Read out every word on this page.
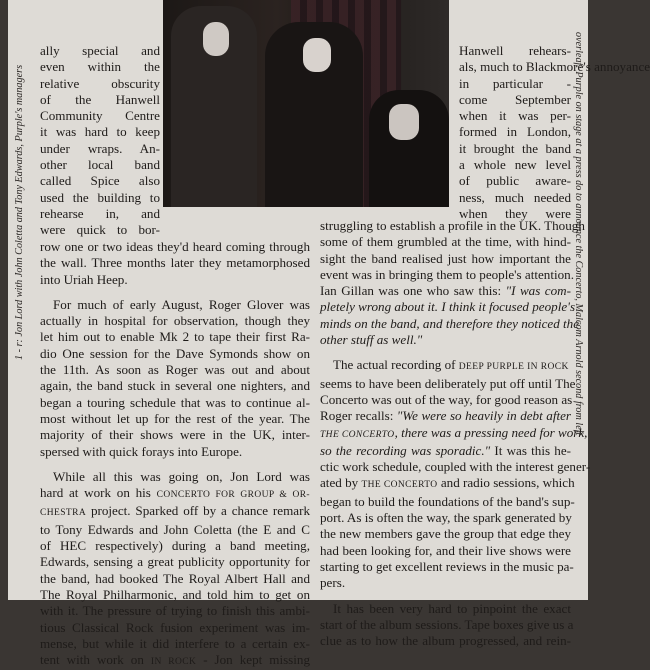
1 - r: Jon Lord with John Coletta and Tony Edwards, Purple's managers	overleaf: Purple on stage at a press do to announce the Concerto, Malcom Arnold second from left
ally special and
even within the
relative obscurity
of the Hanwell
Community Centre
it was hard to keep
under wraps. An-
other local band
called Spice also
used the building to
rehearse in, and
were quick to bor-
row one or two ideas they'd heard coming through
the wall. Three months later they metamorphosed
into Uriah Heep.
For much of early August, Roger Glover was
actually in hospital for observation, though they
let him out to enable Mk 2 to tape their first Ra-
dio One session for the Dave Symonds show on
the 11th. As soon as Roger was out and about
again, the band stuck in several one nighters, and
began a touring schedule that was to continue al-
most without let up for the rest of the year. The
majority of their shows were in the UK, inter-
spersed with quick forays into Europe.
While all this was going on, Jon Lord was
hard at work on his CONCERTO FOR GROUP & OR-
CHESTRA project. Sparked off by a chance remark
to Tony Edwards and John Coletta (the E and C
of HEC respectively) during a band meeting,
Edwards, sensing a great publicity opportunity for
the band, had booked The Royal Albert Hall and
The Royal Philharmonic, and told him to get on
with it. The pressure of trying to finish this ambi-
tious Classical Rock fusion experiment was im-
mense, but while it did interfere to a certain ex-
tent with work on IN ROCK - Jon kept missing
Hanwell rehears-
als, much to Blackmore's annoyance
in particular -
come September
when it was per-
formed in London,
it brought the band
a whole new level
of public aware-
ness, much needed
when they were
struggling to establish a profile in the UK. Though
some of them grumbled at the time, with hind-
sight the band realised just how important the
event was in bringing them to people's attention.
Ian Gillan was one who saw this: "I was com-
pletely wrong about it. I think it focused people's
minds on the band, and therefore they noticed the
other stuff as well."
The actual recording of DEEP PURPLE IN ROCK
seems to have been deliberately put off until The
Concerto was out of the way, for good reason as
Roger recalls: "We were so heavily in debt after
THE CONCERTO, there was a pressing need for work,
so the recording was sporadic." It was this he-
ctic work schedule, coupled with the interest gener-
ated by THE CONCERTO and radio sessions, which
began to build the foundations of the band's sup-
port. As is often the way, the spark generated by
the new members gave the group that edge they
had been looking for, and their live shows were
starting to get excellent reviews in the music pa-
pers.
It has been very hard to pinpoint the exact
start of the album sessions. Tape boxes give us a
clue as to how the album progressed, and rein-
